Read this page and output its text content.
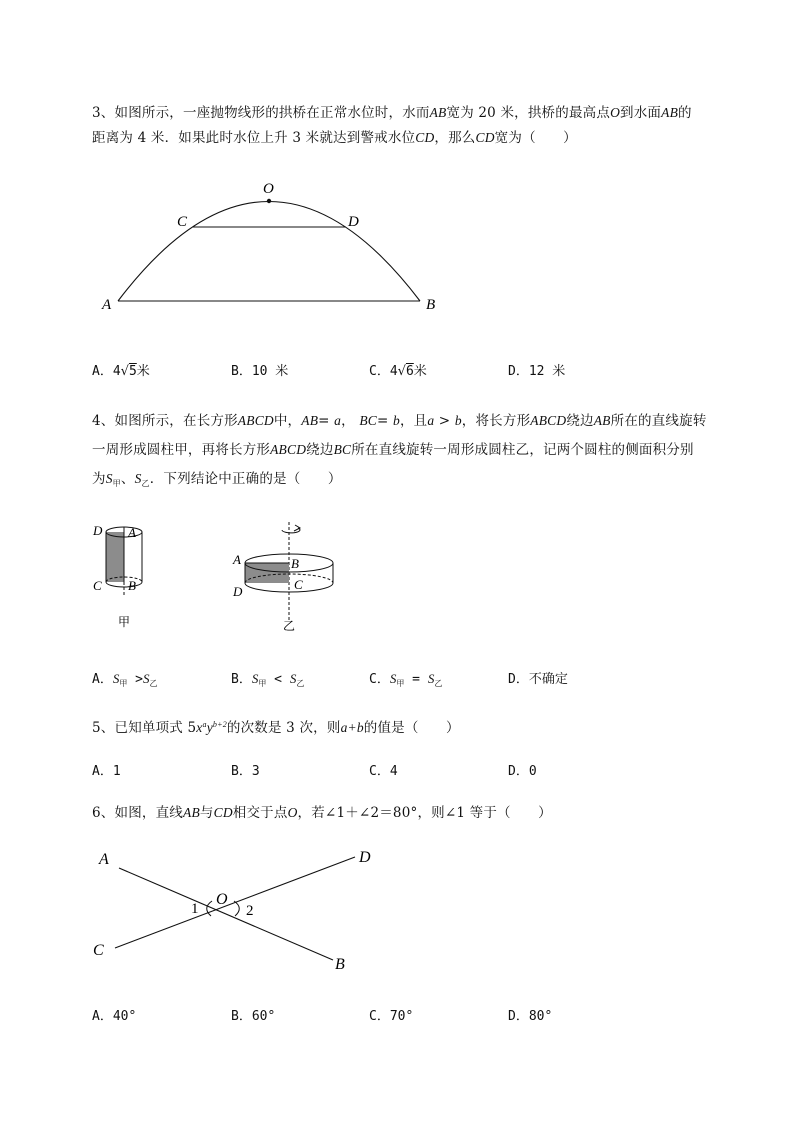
3、如图所示，一座抛物线形的拱桥在正常水位时，水而AB宽为 20 米，拱桥的最高点O到水面AB的
距离为 4 米．如果此时水位上升 3 米就达到警戒水位CD，那么CD宽为（　　）
O
C	D
A	B
A．4√5米	B．10 米	C．4√6米	D．12 米
4、如图所示，在长方形ABCD中，AB= a， BC= b，且a > b，将长方形ABCD绕边AB所在的直线旋转
一周形成圆柱甲，再将长方形ABCD绕边BC所在直线旋转一周形成圆柱乙，记两个圆柱的侧面积分别
为$S_甲$、$S_乙$．下列结论中正确的是（　　）
D A
C B
甲
A	B
D	C
乙
A．$S_甲 >S_乙$	B．$S_甲 < S_乙$	C．$S_甲 = S_乙$	D．不确定
5、已知单项式 $5x^ay^{b+2}$的次数是 3 次，则a+b的值是（　　）
A．1	B．3	C．4	D．0
6、如图，直线AB与CD相交于点O，若∠1＋∠2＝80°，则∠1 等于（　　）
A	D
O
1	2
C
B
A．40°	B．60°	C．70°	D．80°
